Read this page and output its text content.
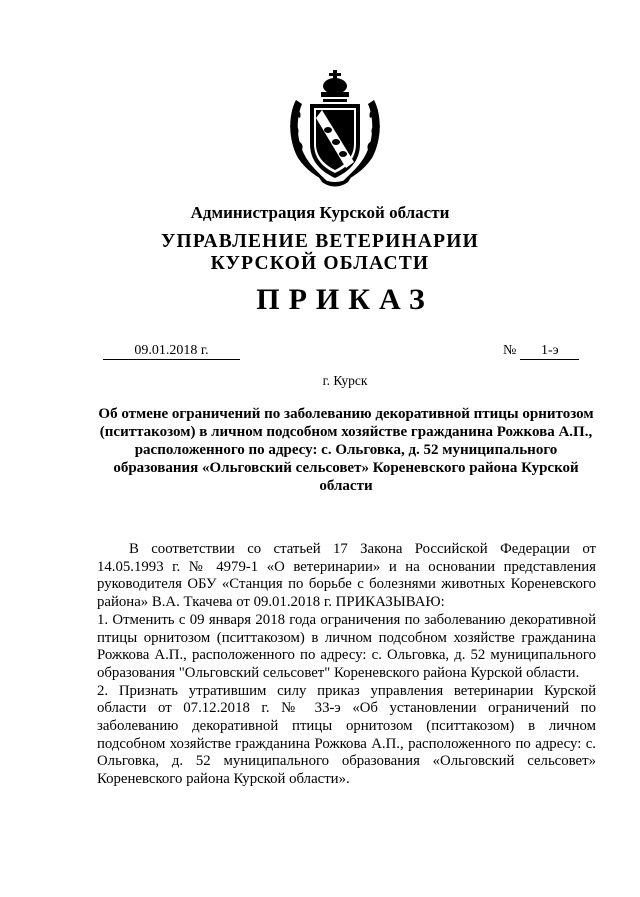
Администрация Курской области
УПРАВЛЕНИЕ ВЕТЕРИНАРИИ
КУРСКОЙ ОБЛАСТИ
ПРИКАЗ
09.01.2018 г.	№ 1-э
г. Курск
Об отмене ограничений по заболеванию декоративной птицы орнитозом (пситтакозом) в личном подсобном хозяйстве гражданина Рожкова А.П., расположенного по адресу: с. Ольговка, д. 52 муниципального образования «Ольговский сельсовет» Кореневского района Курской области

В соответствии со статьей 17 Закона Российской Федерации от 14.05.1993 г. № 4979-1 «О ветеринарии» и на основании представления руководителя ОБУ «Станция по борьбе с болезнями животных Кореневского района» В.А. Ткачева от 09.01.2018 г. ПРИКАЗЫВАЮ:

1. Отменить с 09 января 2018 года ограничения по заболеванию декоративной птицы орнитозом (пситтакозом) в личном подсобном хозяйстве гражданина Рожкова А.П., расположенного по адресу: с. Ольговка, д. 52 муниципального образования "Ольговский сельсовет" Кореневского района Курской области.

2. Признать утратившим силу приказ управления ветеринарии Курской области от 07.12.2018 г. № 33-э «Об установлении ограничений по заболеванию декоративной птицы орнитозом (пситтакозом) в личном подсобном хозяйстве гражданина Рожкова А.П., расположенного по адресу: с. Ольговка, д. 52 муниципального образования «Ольговский сельсовет» Кореневского района Курской области».
